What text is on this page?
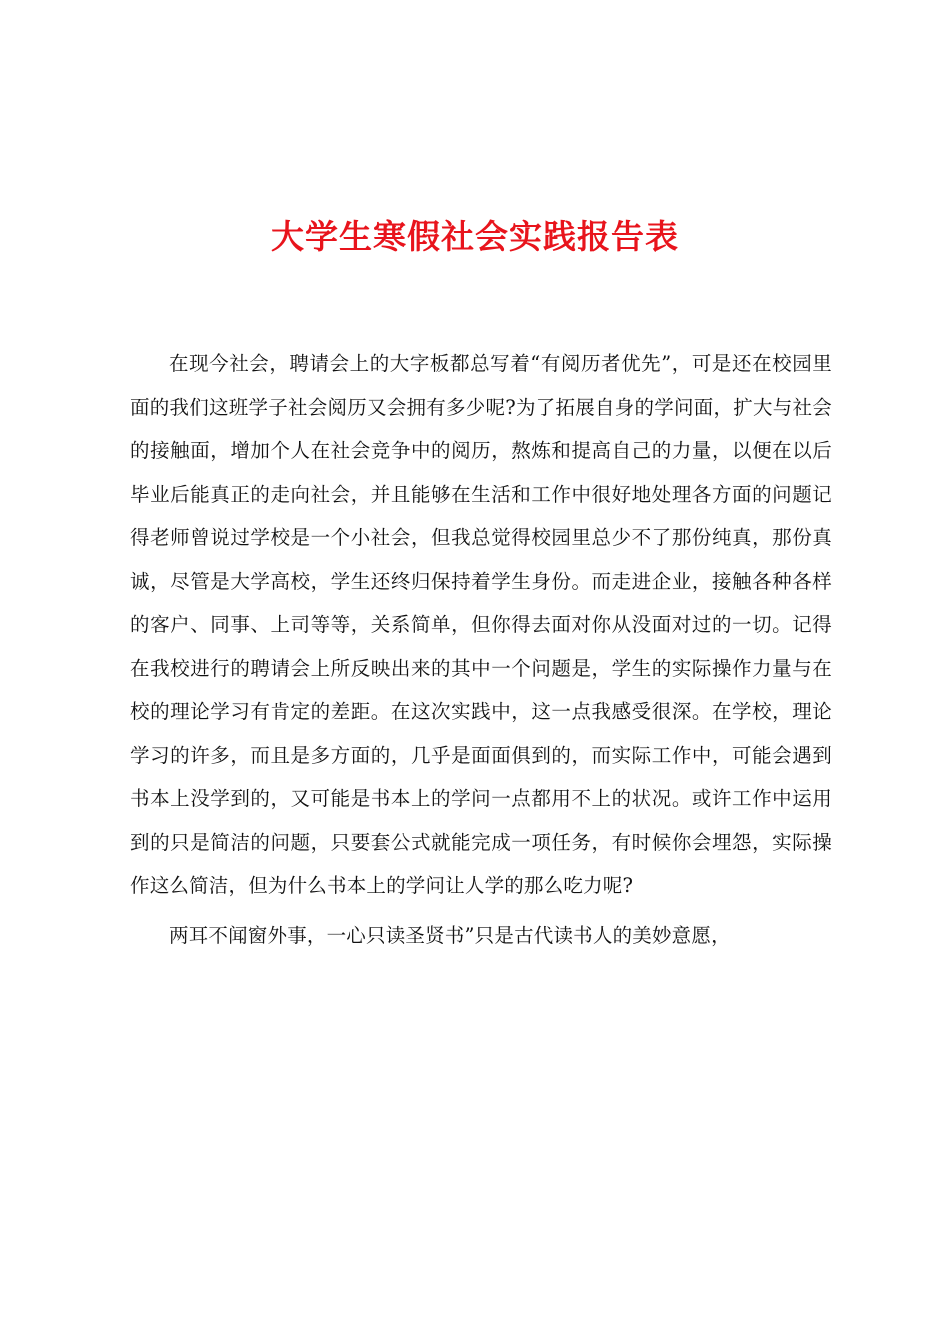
大学生寒假社会实践报告表

在现今社会，聘请会上的大字板都总写着“有阅历者优先”，可是还在校园里面的我们这班学子社会阅历又会拥有多少呢?为了拓展自身的学问面，扩大与社会的接触面，增加个人在社会竞争中的阅历，熬炼和提高自己的力量，以便在以后毕业后能真正的走向社会，并且能够在生活和工作中很好地处理各方面的问题记得老师曾说过学校是一个小社会，但我总觉得校园里总少不了那份纯真，那份真诚，尽管是大学高校，学生还终归保持着学生身份。而走进企业，接触各种各样的客户、同事、上司等等，关系简单，但你得去面对你从没面对过的一切。记得在我校进行的聘请会上所反映出来的其中一个问题是，学生的实际操作力量与在校的理论学习有肯定的差距。在这次实践中，这一点我感受很深。在学校，理论学习的许多，而且是多方面的，几乎是面面俱到的，而实际工作中，可能会遇到书本上没学到的，又可能是书本上的学问一点都用不上的状况。或许工作中运用到的只是简洁的问题，只要套公式就能完成一项任务，有时候你会埋怨，实际操作这么简洁，但为什么书本上的学问让人学的那么吃力呢?

两耳不闻窗外事，一心只读圣贤书”只是古代读书人的美妙意愿，
